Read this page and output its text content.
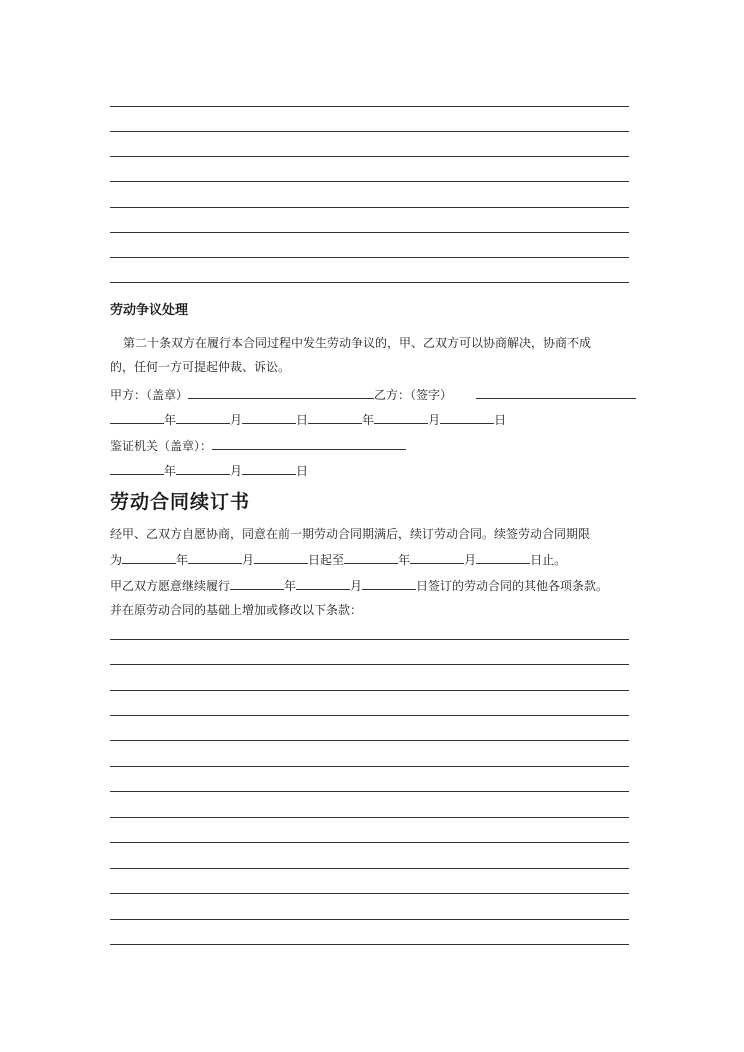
劳动争议处理
第二十条双方在履行本合同过程中发生劳动争议的，甲、乙双方可以协商解决，协商不成
的，任何一方可提起仲裁、诉讼。
甲方：（盖章）	乙方：（签字）
年	月	日	年	月	日
鉴证机关（盖章）：
年	月	日
劳动合同续订书
经甲、乙双方自愿协商，同意在前一期劳动合同期满后，续订劳动合同。续签劳动合同期限
为	年	月	日起至	年	月	日止。
甲乙双方愿意继续履行	年	月	日签订的劳动合同的其他各项条款。
并在原劳动合同的基础上增加或修改以下条款：
